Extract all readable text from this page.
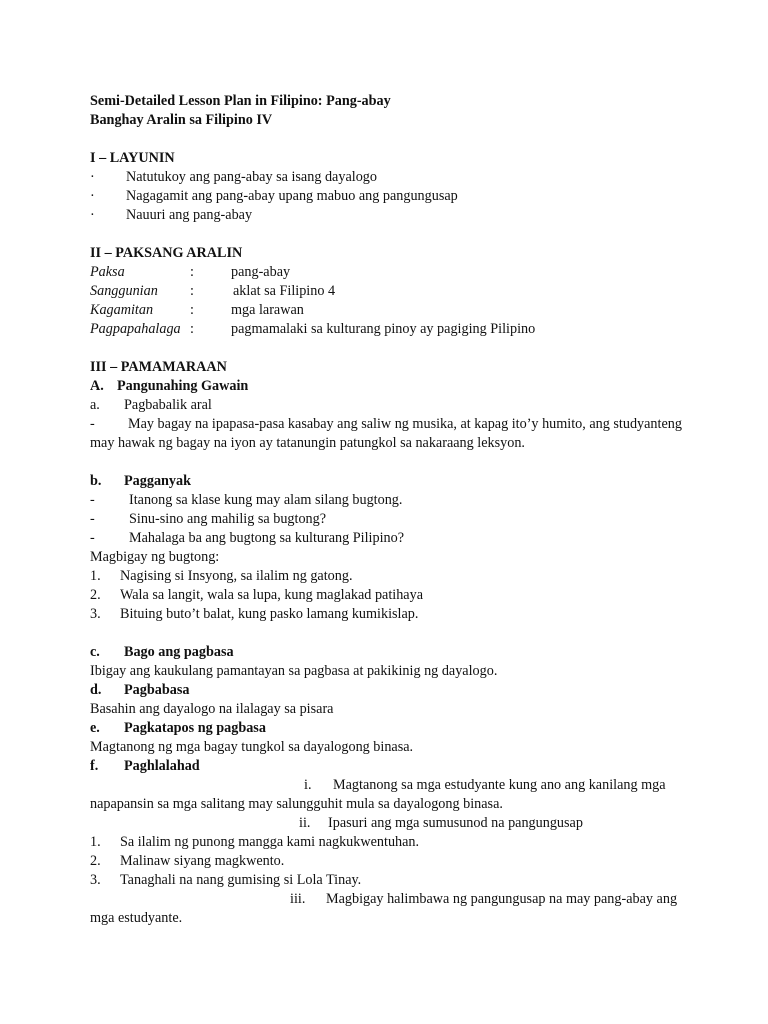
Semi-Detailed Lesson Plan in Filipino: Pang-abay
Banghay Aralin sa Filipino IV
I – LAYUNIN
· Natutukoy ang pang-abay sa isang dayalogo
· Nagagamit ang pang-abay upang mabuo ang pangungusap
· Nauuri ang pang-abay
II – PAKSANG ARALIN
Paksa	:	pang-abay
Sanggunian :	aklat sa Filipino 4
Kagamitan	:	mga larawan
Pagpapahalaga :	pagmamalaki sa kulturang pinoy ay pagiging Pilipino
III – PAMAMARAAN
A. Pangunahing Gawain
a. Pagbabalik aral
- May bagay na ipapasa-pasa kasabay ang saliw ng musika, at kapag ito’y humito, ang studyanteng
may hawak ng bagay na iyon ay tatanungin patungkol sa nakaraang leksyon.
b. Pagganyak
- Itanong sa klase kung may alam silang bugtong.
- Sinu-sino ang mahilig sa bugtong?
- Mahalaga ba ang bugtong sa kulturang Pilipino?
Magbigay ng bugtong:
1. Nagising si Insyong, sa ilalim ng gatong.
2. Wala sa langit, wala sa lupa, kung maglakad patihaya
3. Bituing buto’t balat, kung pasko lamang kumikislap.
c. Bago ang pagbasa
Ibigay ang kaukulang pamantayan sa pagbasa at pakikinig ng dayalogo.
d. Pagbabasa
Basahin ang dayalogo na ilalagay sa pisara
e. Pagkatapos ng pagbasa
Magtanong ng mga bagay tungkol sa dayalogong binasa.
f. Paghlalahad
i. Magtanong sa mga estudyante kung ano ang kanilang mga
napapansin sa mga salitang may salungguhit mula sa dayalogong binasa.
ii. Ipasuri ang mga sumusunod na pangungusap
1. Sa ilalim ng punong mangga kami nagkukwentuhan.
2. Malinaw siyang magkwento.
3. Tanaghali na nang gumising si Lola Tinay.
iii. Magbigay halimbawa ng pangungusap na may pang-abay ang
mga estudyante.
